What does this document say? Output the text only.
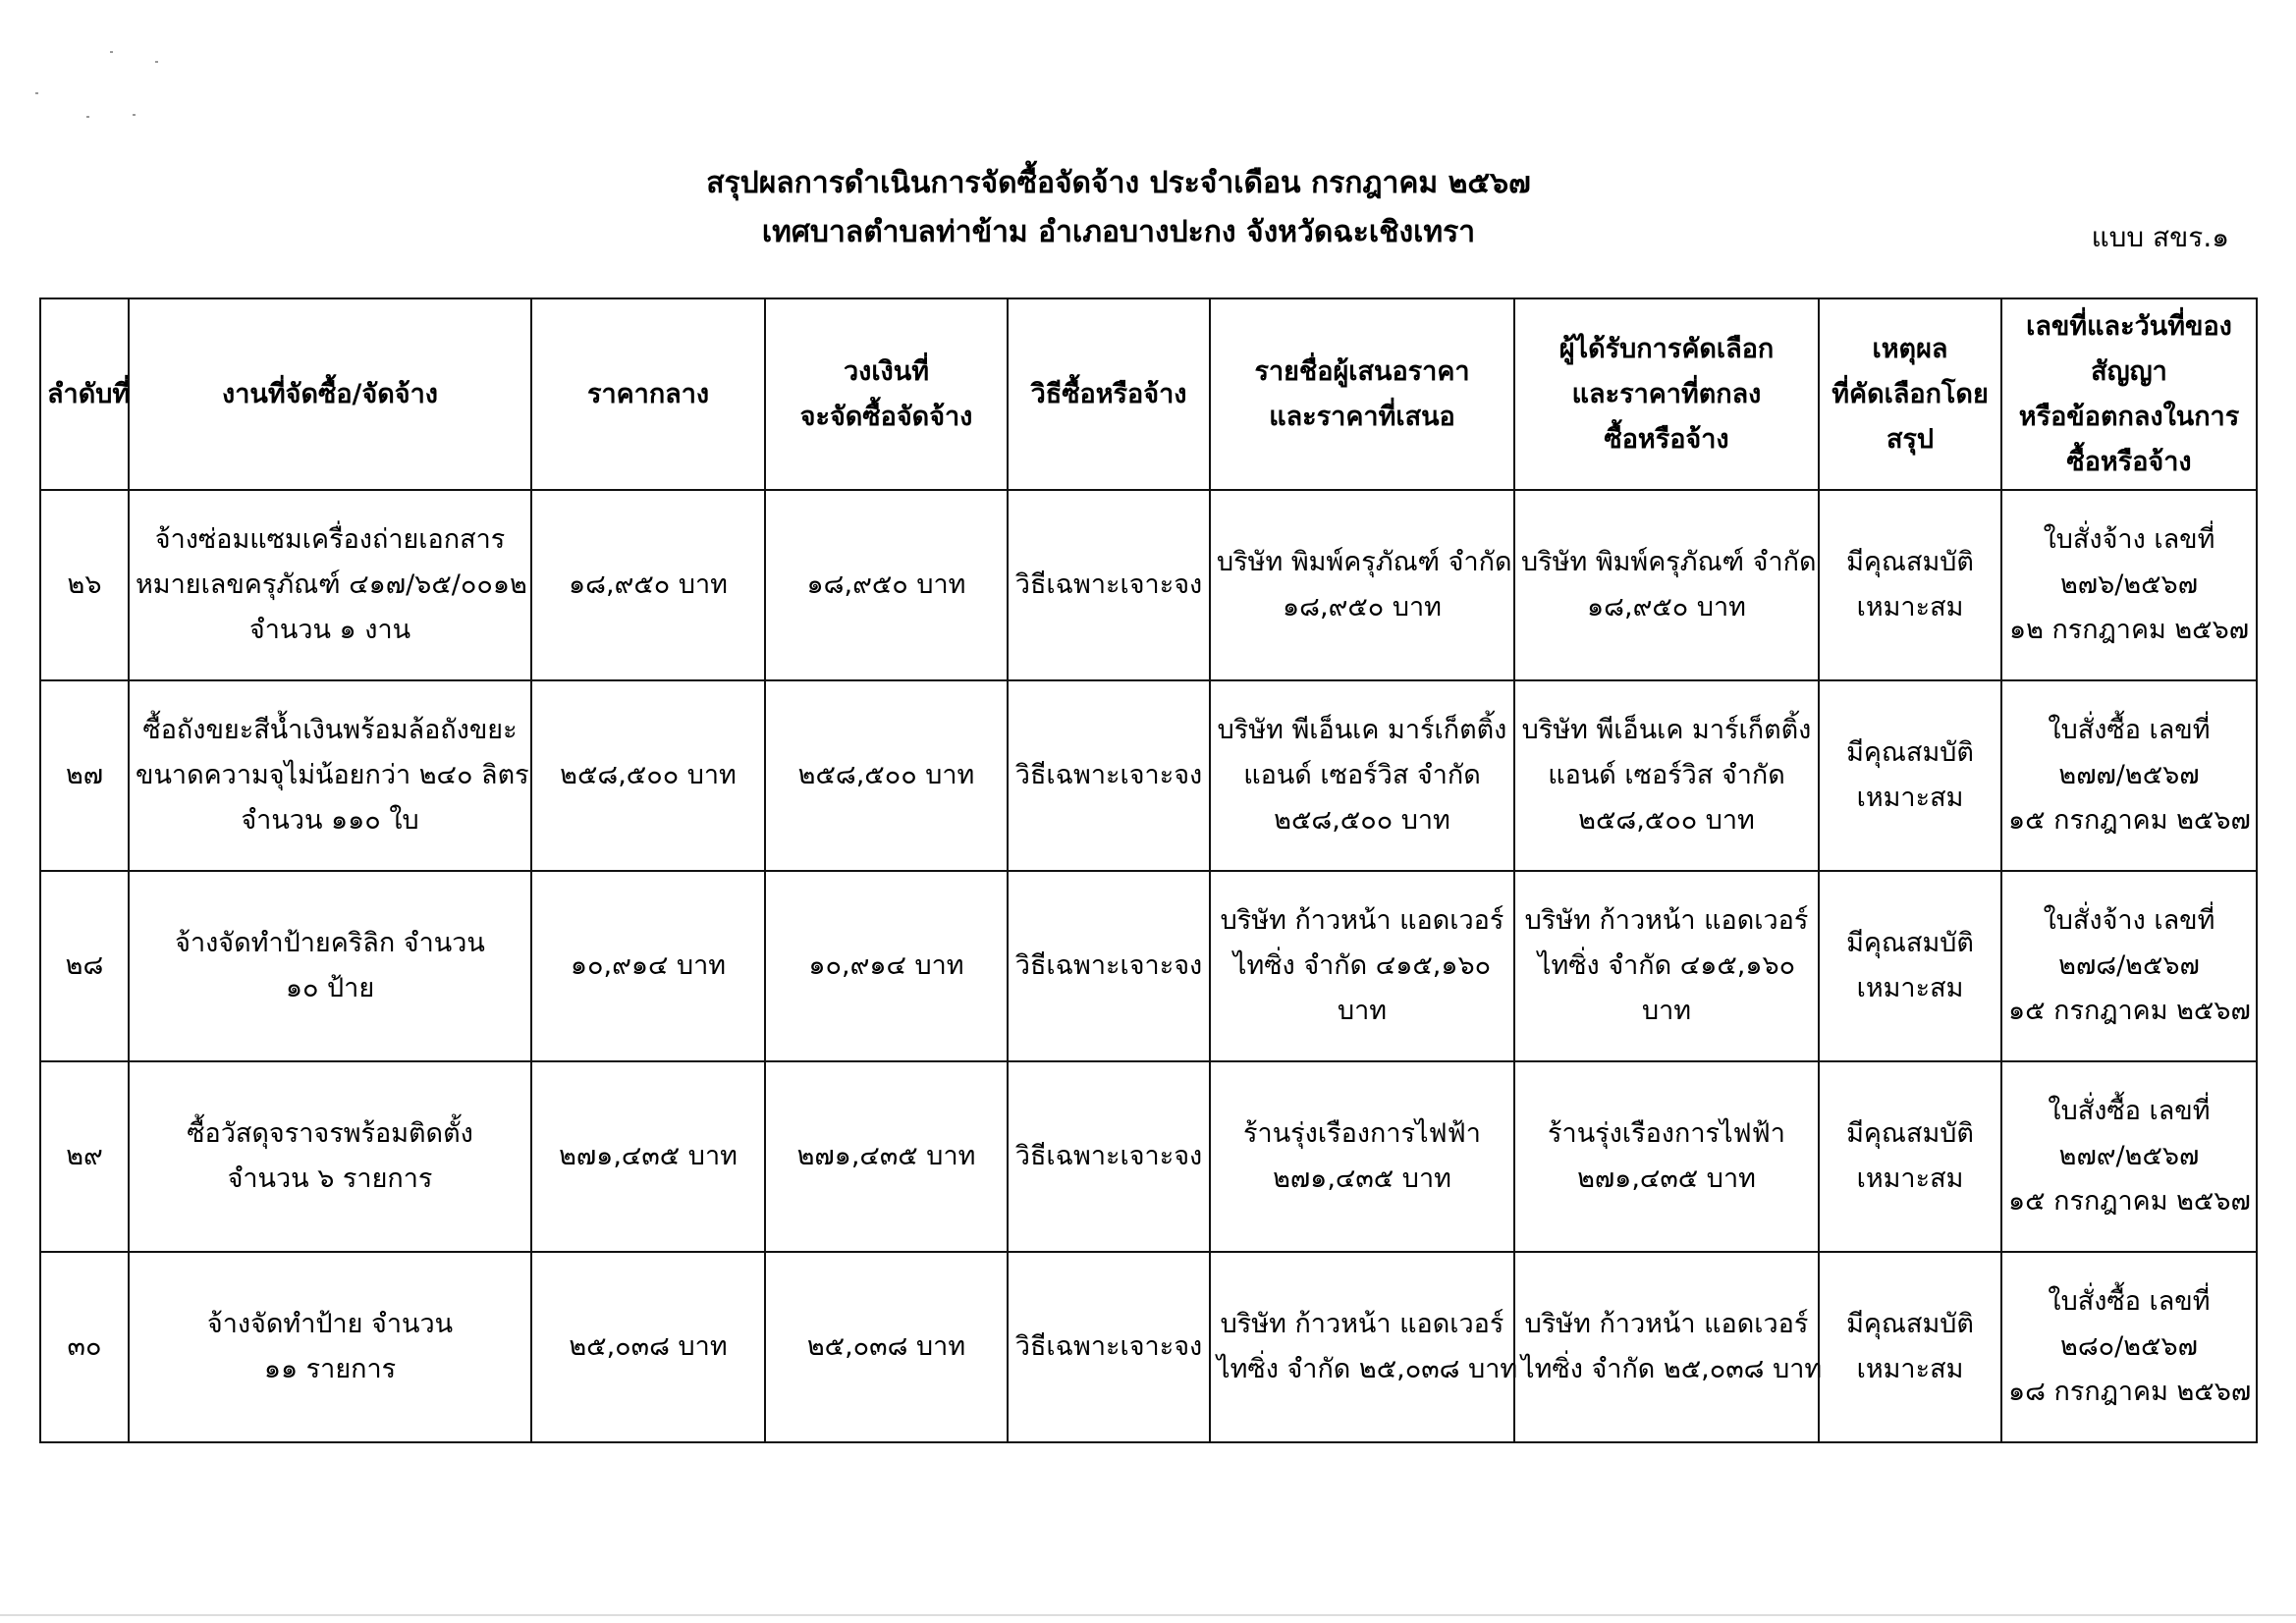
สรุปผลการดำเนินการจัดซื้อจัดจ้าง ประจำเดือน กรกฎาคม ๒๕๖๗
เทศบาลตำบลท่าข้าม อำเภอบางปะกง จังหวัดฉะเชิงเทรา	แบบ สขร.๑
ลำดับที่	งานที่จัดซื้อ/จัดจ้าง	ราคากลาง	วงเงินที่
จะจัดซื้อจัดจ้าง	วิธีซื้อหรือจ้าง	รายชื่อผู้เสนอราคา
และราคาที่เสนอ	ผู้ได้รับการคัดเลือก
และราคาที่ตกลง
ซื้อหรือจ้าง	เหตุผล
ที่คัดเลือกโดย
สรุป	เลขที่และวันที่ของ
สัญญา
หรือข้อตกลงในการ
ซื้อหรือจ้าง

๒๖	จ้างซ่อมแซมเครื่องถ่ายเอกสาร
หมายเลขครุภัณฑ์ ๔๑๗/๖๕/๐๐๑๒
จำนวน ๑ งาน	๑๘,๙๕๐ บาท	๑๘,๙๕๐ บาท	วิธีเฉพาะเจาะจง	บริษัท พิมพ์ครุภัณฑ์ จำกัด
๑๘,๙๕๐ บาท	บริษัท พิมพ์ครุภัณฑ์ จำกัด
๑๘,๙๕๐ บาท	มีคุณสมบัติ
เหมาะสม	ใบสั่งจ้าง เลขที่
๒๗๖/๒๕๖๗
๑๒ กรกฎาคม ๒๕๖๗

๒๗	ซื้อถังขยะสีน้ำเงินพร้อมล้อถังขยะ
ขนาดความจุไม่น้อยกว่า ๒๔๐ ลิตร
จำนวน ๑๑๐ ใบ	๒๕๘,๕๐๐ บาท	๒๕๘,๕๐๐ บาท	วิธีเฉพาะเจาะจง	บริษัท พีเอ็นเค มาร์เก็ตติ้ง
แอนด์ เซอร์วิส จำกัด
๒๕๘,๕๐๐ บาท	บริษัท พีเอ็นเค มาร์เก็ตติ้ง
แอนด์ เซอร์วิส จำกัด
๒๕๘,๕๐๐ บาท	มีคุณสมบัติ
เหมาะสม	ใบสั่งซื้อ เลขที่
๒๗๗/๒๕๖๗
๑๕ กรกฎาคม ๒๕๖๗

๒๘	จ้างจัดทำป้ายคริลิก จำนวน
๑๐ ป้าย	๑๐,๙๑๔ บาท	๑๐,๙๑๔ บาท	วิธีเฉพาะเจาะจง	บริษัท ก้าวหน้า แอดเวอร์
ไทซิ่ง จำกัด ๔๑๕,๑๖๐
บาท	บริษัท ก้าวหน้า แอดเวอร์
ไทซิ่ง จำกัด ๔๑๕,๑๖๐
บาท	มีคุณสมบัติ
เหมาะสม	ใบสั่งจ้าง เลขที่
๒๗๘/๒๕๖๗
๑๕ กรกฎาคม ๒๕๖๗

๒๙	ซื้อวัสดุจราจรพร้อมติดตั้ง
จำนวน ๖ รายการ	๒๗๑,๔๓๕ บาท	๒๗๑,๔๓๕ บาท	วิธีเฉพาะเจาะจง	ร้านรุ่งเรืองการไฟฟ้า
๒๗๑,๔๓๕ บาท	ร้านรุ่งเรืองการไฟฟ้า
๒๗๑,๔๓๕ บาท	มีคุณสมบัติ
เหมาะสม	ใบสั่งซื้อ เลขที่
๒๗๙/๒๕๖๗
๑๕ กรกฎาคม ๒๕๖๗

๓๐	จ้างจัดทำป้าย จำนวน
๑๑ รายการ	๒๕,๐๓๘ บาท	๒๕,๐๓๘ บาท	วิธีเฉพาะเจาะจง	บริษัท ก้าวหน้า แอดเวอร์
ไทซิ่ง จำกัด ๒๕,๐๓๘ บาท	บริษัท ก้าวหน้า แอดเวอร์
ไทซิ่ง จำกัด ๒๕,๐๓๘ บาท	มีคุณสมบัติ
เหมาะสม	ใบสั่งซื้อ เลขที่
๒๘๐/๒๕๖๗
๑๘ กรกฎาคม ๒๕๖๗
